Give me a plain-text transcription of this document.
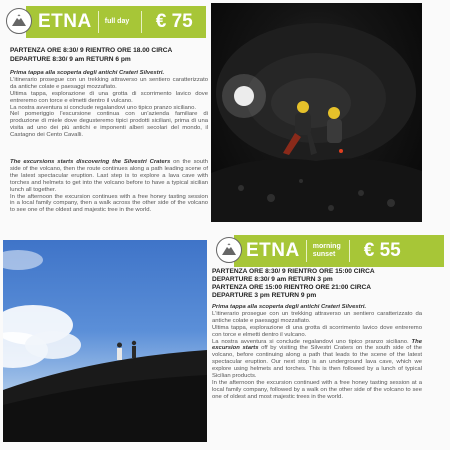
ETNA full day € 75
PARTENZA ORE 8:30/ 9 RIENTRO ORE 18.00 CIRCA
DEPARTURE 8:30/ 9 am RETURN 6 pm
Prima tappa alla scoperta degli antichi Crateri Silvestri.
L'itinerario prosegue con un trekking attraverso un sentiero caratterizzato da antiche colate e paesaggi mozzafiato.
Ultima tappa, esplorazione di una grotta di scorrimento lavico dove entreremo con torce e elmetti dentro il vulcano.
La nostra avventura si conclude regalandovi uno tipico pranzo siciliano.
Nel pomeriggio l'escursione continua con un'azienda familiare di produzione di miele dove degusteremo tipici prodotti siciliani, prima di una visita ad uno dei più antichi e imponenti alberi secolari del mondo, il Castagno dei Cento Cavalli.
The excursions starts discovering the Silvestri Craters on the south side of the volcano, then the route continues along a path leading scene of the latest spectacular eruption. Last step is to explore a lava cave with torches and helmets to get into the volcano before to have a typical sicilian lunch all together.
In the afternoon the excursion continues with a free honey tasting session in a local family company, then a walk across the other side of the volcano to see one of the oldest and majestic tree in the world.
ETNA morning sunset	€ 55
PARTENZA ORE 8:30/ 9 RIENTRO ORE 15:00 CIRCA
DEPARTURE 8:30/ 9 am RETURN 3 pm
PARTENZA ORE 15:00 RIENTRO ORE 21:00 CIRCA
DEPARTURE 3 pm RETURN 9 pm
Prima tappa alla scoperta degli antichi Crateri Silvestri.
L'itinerario prosegue con un trekking attraverso un sentiero caratterizzato da antiche colate e paesaggi mozzafiato.
Ultima tappa, esplorazione di una grotta di scorrimento lavico dove entreremo con torce e elmetti dentro il vulcano.
La nostra avventura si conclude regalandovi uno tipico pranzo siciliano. The excursion starts off by visiting the Silvestri Craters on the south side of the volcano, before continuing along a path that leads to the scene of the latest spectacular eruption. Our next stop is an underground lava cave, which we explore using helmets and torches. This is then followed by a lunch of typical Sicilian products.
In the afternoon the excursion continued with a free honey tasting session at a local family company, followed by a walk on the other side of the volcano to see one of oldest and most majestic trees in the world.
